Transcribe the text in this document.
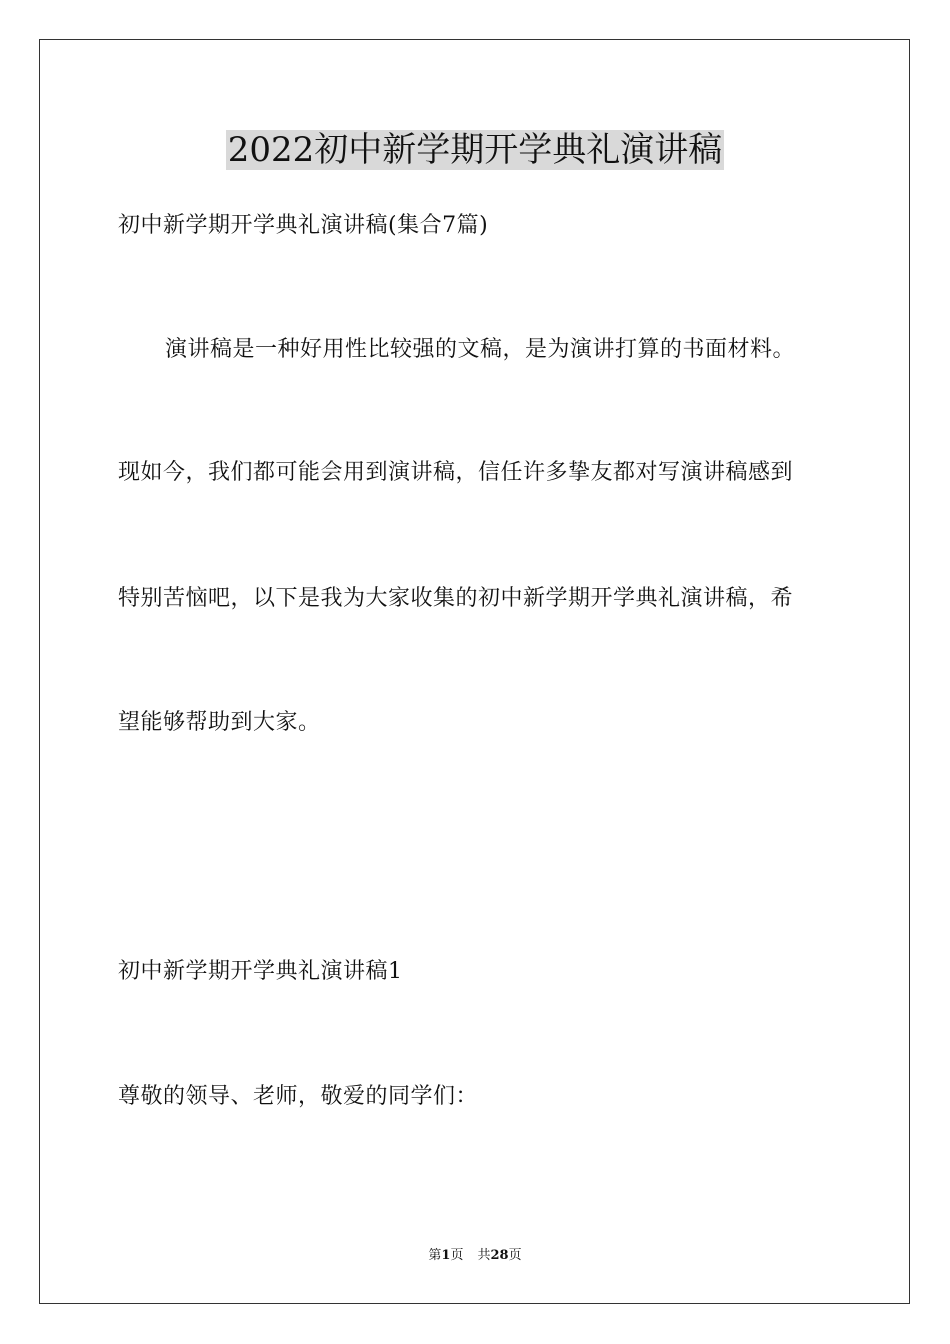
2022初中新学期开学典礼演讲稿
初中新学期开学典礼演讲稿(集合7篇)
演讲稿是一种好用性比较强的文稿，是为演讲打算的书面材料。
现如今，我们都可能会用到演讲稿，信任许多挚友都对写演讲稿感到
特别苦恼吧，以下是我为大家收集的初中新学期开学典礼演讲稿，希
望能够帮助到大家。
初中新学期开学典礼演讲稿1
尊敬的领导、老师，敬爱的同学们：
第1页 共28页
